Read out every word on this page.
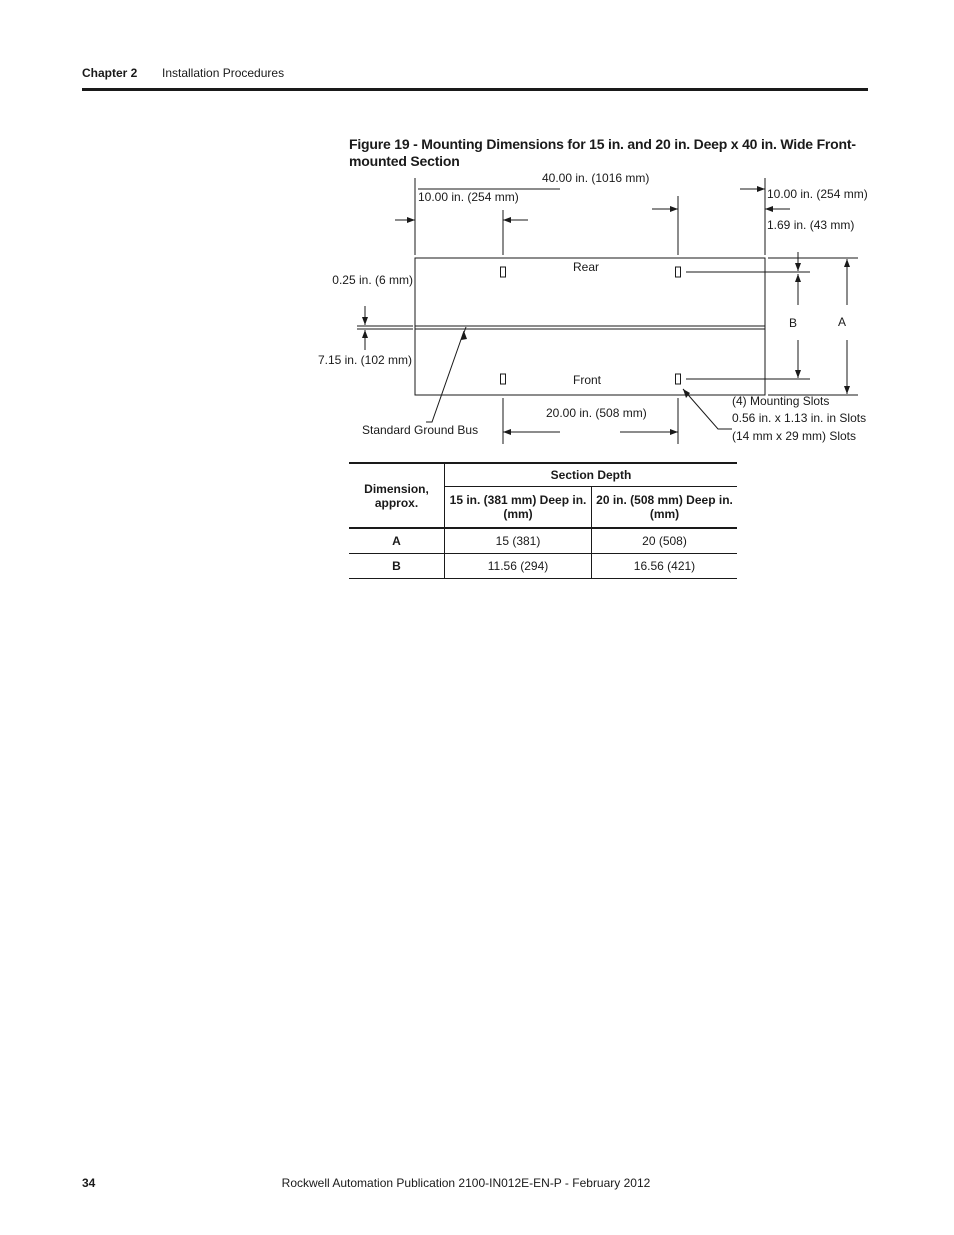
Chapter 2 Installation Procedures
Figure 19 - Mounting Dimensions for 15 in. and 20 in. Deep x 40 in. Wide Front-mounted Section
40.00 in. (1016 mm)
10.00 in. (254 mm)	10.00 in. (254 mm)
1.69 in. (43 mm)
0.25 in. (6 mm)
7.15 in. (102 mm)
Rear
Front
B	A
20.00 in. (508 mm)
Standard Ground Bus
(4) Mounting Slots
0.56 in. x 1.13 in. in Slots
(14 mm x 29 mm) Slots
Dimension, approx.	Section Depth	
	15 in. (381 mm) Deep in. (mm)	20 in. (508 mm) Deep in. (mm)
A	15 (381)	20 (508)
B	11.56 (294)	16.56 (421)
34	Rockwell Automation Publication 2100-IN012E-EN-P - February 2012
